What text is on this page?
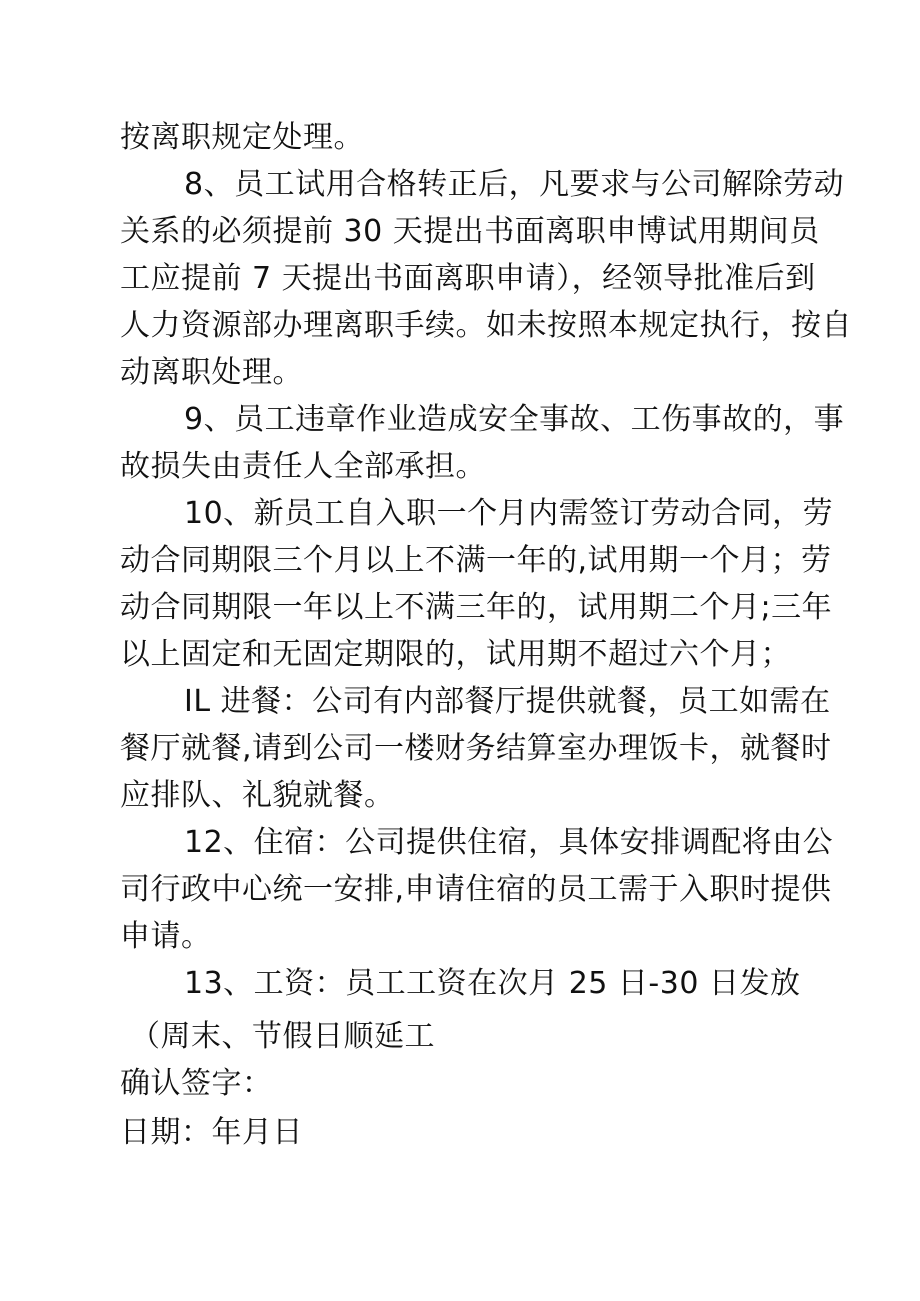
按离职规定处理。
8、员工试用合格转正后，凡要求与公司解除劳动
关系的必须提前 30 天提出书面离职申博试用期间员
工应提前 7 天提出书面离职申请），经领导批准后到
人力资源部办理离职手续。如未按照本规定执行，按自
动离职处理。
9、员工违章作业造成安全事故、工伤事故的，事
故损失由责任人全部承担。
10、新员工自入职一个月内需签订劳动合同，劳
动合同期限三个月以上不满一年的,试用期一个月；劳
动合同期限一年以上不满三年的，试用期二个月;三年
以上固定和无固定期限的，试用期不超过六个月；
IL 进餐：公司有内部餐厅提供就餐，员工如需在
餐厅就餐,请到公司一楼财务结算室办理饭卡，就餐时
应排队、礼貌就餐。
12、住宿：公司提供住宿，具体安排调配将由公
司行政中心统一安排,申请住宿的员工需于入职时提供
申请。
13、工资：员工工资在次月 25 日-30 日发放
（周末、节假日顺延工
确认签字：
日期：年月日
